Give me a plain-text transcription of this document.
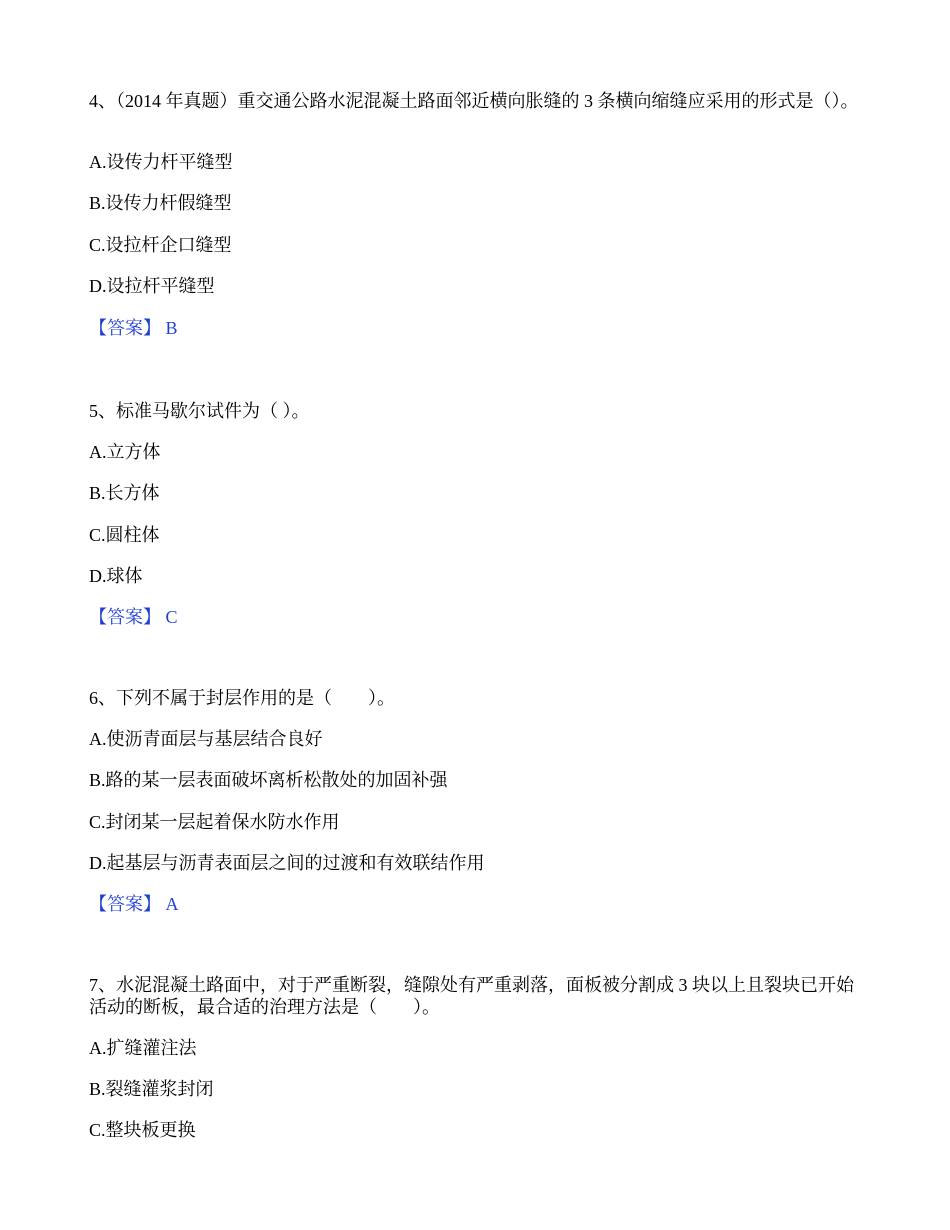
4、（2014 年真题）重交通公路水泥混凝土路面邻近横向胀缝的 3 条横向缩缝应采用的形式是（）。

A.设传力杆平缝型
B.设传力杆假缝型
C.设拉杆企口缝型
D.设拉杆平缝型
【答案】 B

5、标准马歇尔试件为（ ）。

A.立方体
B.长方体
C.圆柱体
D.球体
【答案】 C

6、下列不属于封层作用的是（　　）。

A.使沥青面层与基层结合良好
B.路的某一层表面破坏离析松散处的加固补强
C.封闭某一层起着保水防水作用
D.起基层与沥青表面层之间的过渡和有效联结作用
【答案】 A

7、水泥混凝土路面中，对于严重断裂，缝隙处有严重剥落，面板被分割成 3 块以上且裂块已开始活动的断板，最合适的治理方法是（　　）。

A.扩缝灌注法
B.裂缝灌浆封闭
C.整块板更换
